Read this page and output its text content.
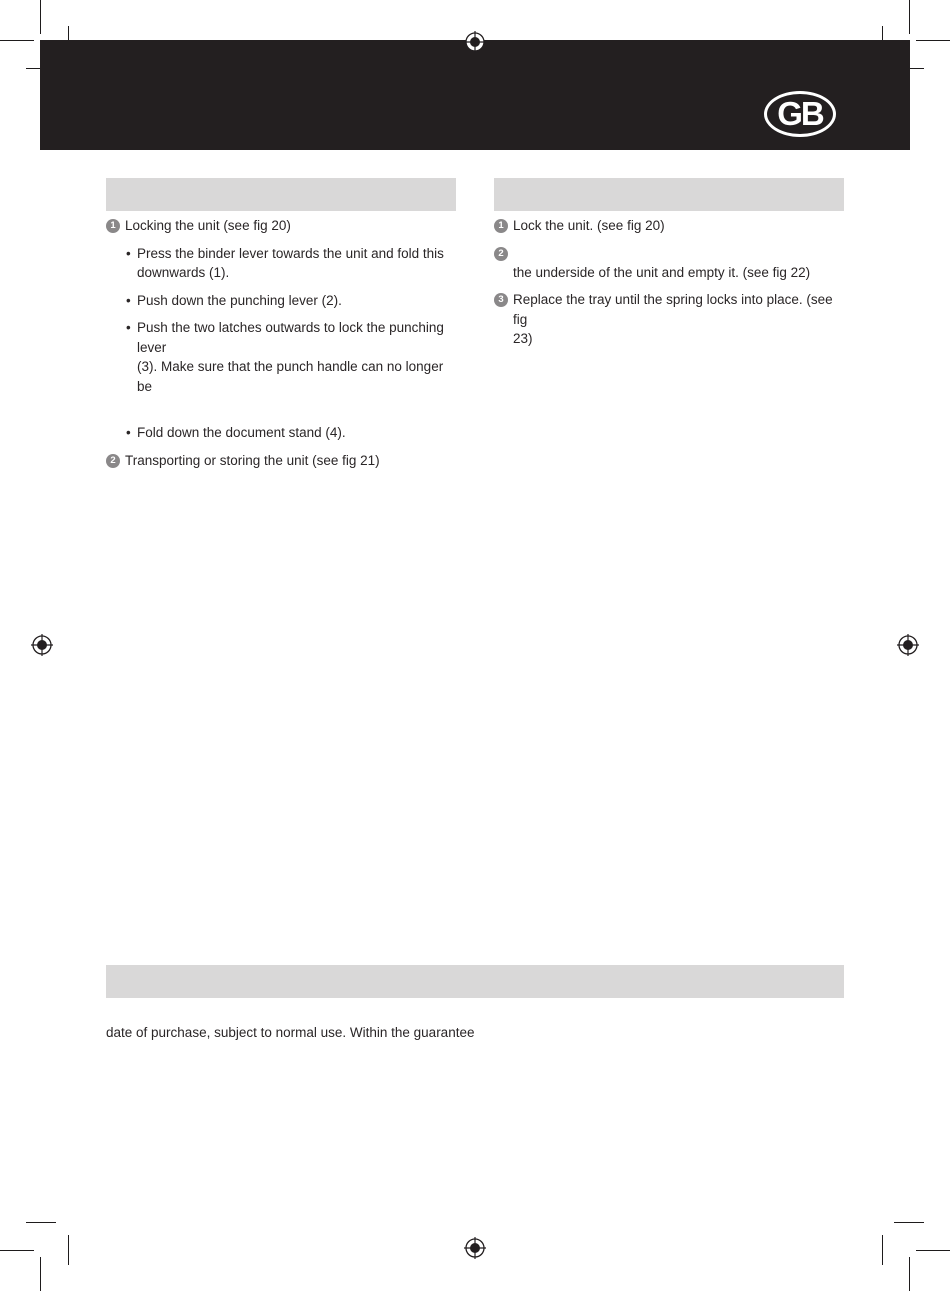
GB
1 Locking the unit (see fig 20)
• Press the binder lever towards the unit and fold this
downwards (1).
• Push down the punching lever (2).
• Push the two latches outwards to lock the punching lever
(3). Make sure that the punch handle can no longer be
• Fold down the document stand (4).
2 Transporting or storing the unit (see fig 21)
1 Lock the unit. (see fig 20)
2
the underside of the unit and empty it. (see fig 22)
3 Replace the tray until the spring locks into place. (see fig
23)
date of purchase, subject to normal use. Within the guarantee
